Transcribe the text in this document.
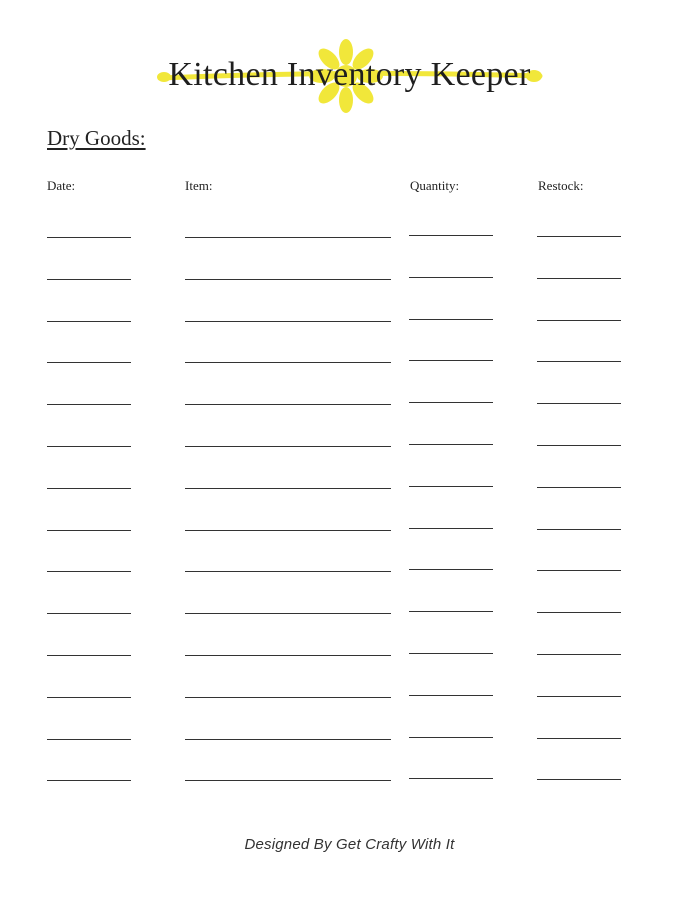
Kitchen Inventory Keeper
Dry Goods:
Date:	Item:	Quantity:	Restock:
Designed By Get Crafty With It
